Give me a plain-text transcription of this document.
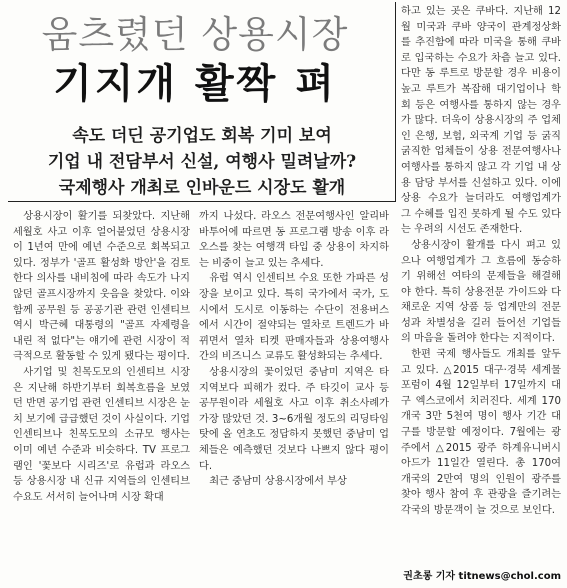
움츠렸던 상용시장
기지개 활짝 펴
속도 더딘 공기업도 회복 기미 보여
기업 내 전담부서 신설, 여행사 밀려날까?
국제행사 개최로 인바운드 시장도 활개

하고 있는 곳은 쿠바다. 지난해 12월 미국과 쿠바 양국이 관계정상화를 추진함에 따라 미국을 통해 쿠바로 입국하는 수요가 차츰 늘고 있다. 다만 동 루트로 방문할 경우 비용이 높고 루트가 복잡해 대기업이나 학회 등은 여행사를 통하지 않는 경우가 많다. 더욱이 상용시장의 주 업체인 은행, 보험, 외국계 기업 등 굵직굵직한 업체들이 상용 전문여행사나 여행사를 통하지 않고 각 기업 내 상용 담당 부서를 신설하고 있다. 이에 상용 수요가 늘더라도 여행업계가 그 수혜를 입진 못하게 될 수도 있다는 우려의 시선도 존재한다.

상용시장이 활개를 다시 펴고 있으나 여행업계가 그 흐름에 동승하기 위해선 여타의 문제들을 해결해야 한다. 특히 상용전문 가이드와 다채로운 지역 상품 등 업계만의 전문성과 차별성을 길러 들어선 기업들의 마음을 돌려야 한다는 지적이다.

한편 국제 행사들도 개최를 앞두고 있다. △2015 대구·경북 세계물포럼이 4월 12일부터 17일까지 대구 엑스코에서 치러진다. 세계 170개국 3만 5천여 명이 행사 기간 대구를 방문할 예정이다. 7월에는 광주에서 △2015 광주 하계유니버시아드가 11일간 열린다. 총 170여 개국의 2만여 명의 인원이 광주를 찾아 행사 참여 후 관광을 즐기려는 각국의 방문객이 늘 것으로 보인다.

상용시장이 활기를 되찾았다. 지난해 세월호 사고 이후 얼어붙었던 상용시장이 1년여 만에 예년 수준으로 회복되고 있다. 정부가 '골프 활성화 방안'을 검토한다 의사를 내비침에 따라 속도가 나지 않던 골프시장까지 웃음을 찾았다. 이와 함께 공무원 등 공공기관 관련 인센티브 역시 박근혜 대통령의 "골프 자제령을 내린 적 없다"는 얘기에 관련 시장이 적극적으로 활동할 수 있게 됐다는 평이다.

사기업 및 친목도모의 인센티브 시장은 지난해 하반기부터 회복흐름을 보였던 반면 공기업 관련 인센티브 시장은 눈치 보기에 급급했던 것이 사실이다. 기업 인센티브나 친목도모의 소규모 행사는 이미 예년 수준과 비슷하다. TV 프로그램인 '꽃보다 시리즈'로 유럽과 라오스 등 상용시장 내 신규 지역들의 인센티브 수요도 서서히 늘어나며 시장 확대

까지 나섰다. 라오스 전문여행사인 알리바바투어에 따르면 동 프로그램 방송 이후 라오스를 찾는 여행객 타입 중 상용이 차지하는 비중이 늘고 있는 추세다.

유럽 역시 인센티브 수요 또한 가파른 성장을 보이고 있다. 특히 국가에서 국가, 도시에서 도시로 이동하는 수단이 전용버스에서 시간이 절약되는 열차로 트렌드가 바뀌면서 열차 티켓 판매자들과 상용여행사간의 비즈니스 교류도 활성화되는 추세다.

상용시장의 꽃이었던 중남미 지역은 타 지역보다 피해가 컸다. 주 타깃이 교사 등 공무원이라 세월호 사고 이후 취소사례가 가장 많았던 것. 3~6개월 정도의 리딩타임 탓에 올 연초도 정답하지 못했던 중남미 업체들은 예측했던 것보다 나쁘지 않다 평이다.

최근 중남미 상용시장에서 부상

권초롱 기자 titnews@chol.com
